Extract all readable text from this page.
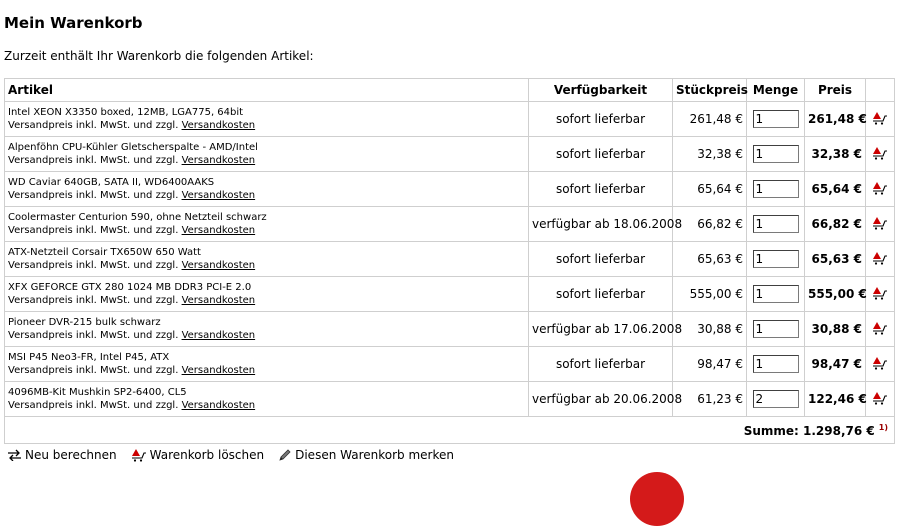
Mein Warenkorb
Zurzeit enthält Ihr Warenkorb die folgenden Artikel:
Artikel	Verfügbarkeit	Stückpreis	Menge	Preis	

Intel XEON X3350 boxed, 12MB, LGA775, 64bit
Versandpreis inkl. MwSt. und zzgl. Versandkosten	sofort lieferbar	261,48 €	1	261,48 €	

Alpenföhn CPU-Kühler Gletscherspalte - AMD/Intel
Versandpreis inkl. MwSt. und zzgl. Versandkosten	sofort lieferbar	32,38 €	1	32,38 €	

WD Caviar 640GB, SATA II, WD6400AAKS
Versandpreis inkl. MwSt. und zzgl. Versandkosten	sofort lieferbar	65,64 €	1	65,64 €	

Coolermaster Centurion 590, ohne Netzteil schwarz
Versandpreis inkl. MwSt. und zzgl. Versandkosten	verfügbar ab 18.06.2008	66,82 €	1	66,82 €	

ATX-Netzteil Corsair TX650W 650 Watt
Versandpreis inkl. MwSt. und zzgl. Versandkosten	sofort lieferbar	65,63 €	1	65,63 €	

XFX GEFORCE GTX 280 1024 MB DDR3 PCI-E 2.0
Versandpreis inkl. MwSt. und zzgl. Versandkosten	sofort lieferbar	555,00 €	1	555,00 €	

Pioneer DVR-215 bulk schwarz
Versandpreis inkl. MwSt. und zzgl. Versandkosten	verfügbar ab 17.06.2008	30,88 €	1	30,88 €	

MSI P45 Neo3-FR, Intel P45, ATX
Versandpreis inkl. MwSt. und zzgl. Versandkosten	sofort lieferbar	98,47 €	1	98,47 €	

4096MB-Kit Mushkin SP2-6400, CL5
Versandpreis inkl. MwSt. und zzgl. Versandkosten	verfügbar ab 20.06.2008	61,23 €	2	122,46 €	
Summe: 1.298,76 € $^{1)}$
Neu berechnen	Warenkorb löschen	Diesen Warenkorb merken
